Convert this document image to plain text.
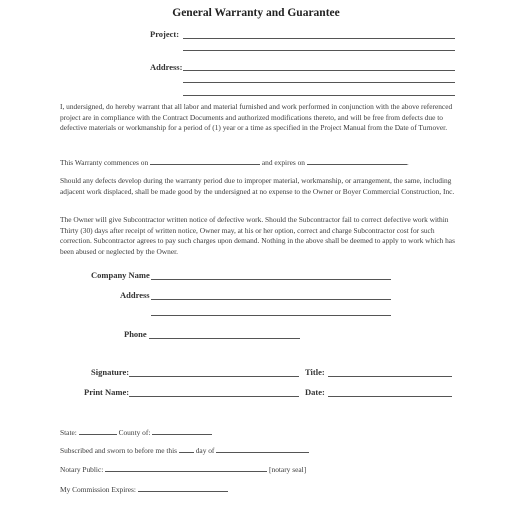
General Warranty and Guarantee
Project:
Address:
I, undersigned, do hereby warrant that all labor and material furnished and work performed in conjunction with the above referenced project are in compliance with the Contract Documents and authorized modifications thereto, and will be free from defects due to defective materials or workmanship for a period of (1) year or a time as specified in the Project Manual from the Date of Turnover.
This Warranty commences on	and expires on	.
Should any defects develop during the warranty period due to improper material, workmanship, or arrangement, the same, including adjacent work displaced, shall be made good by the undersigned at no expense to the Owner or Boyer Commercial Construction, Inc.
The Owner will give Subcontractor written notice of defective work. Should the Subcontractor fail to correct defective work within Thirty (30) days after receipt of written notice, Owner may, at his or her option, correct and charge Subcontractor cost for such correction. Subcontractor agrees to pay such charges upon demand. Nothing in the above shall be deemed to apply to work which has been abused or neglected by the Owner.
Company Name
Address
Phone
Signature:	Title:
Print Name:	Date:
State:	County of:
Subscribed and sworn to before me this	day of
Notary Public:	[notary seal]
My Commission Expires:
